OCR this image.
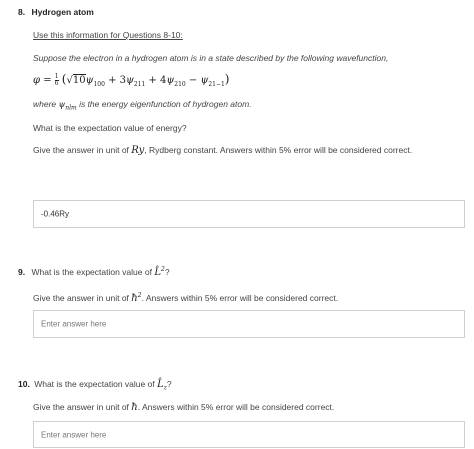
8. Hydrogen atom
Use this information for Questions 8-10:
Suppose the electron in a hydrogen atom is in a state described by the following wavefunction,
$\varphi = \frac{1}{6} (√10\psi_{100} + 3\psi_{211} + 4\psi_{210} - \psi_{21-1})$
where $\psi_{nlm}$ is the energy eigenfunction of hydrogen atom.
What is the expectation value of energy?
Give the answer in unit of Ry, Rydberg constant. Answers within 5% error will be considered correct.
-0.46Ry
9. What is the expectation value of L̂$^2$?
Give the answer in unit of $ħ^2$. Answers within 5% error will be considered correct.
Enter answer here
10. What is the expectation value of $L̂_z$?
Give the answer in unit of ħ. Answers within 5% error will be considered correct.
Enter answer here
